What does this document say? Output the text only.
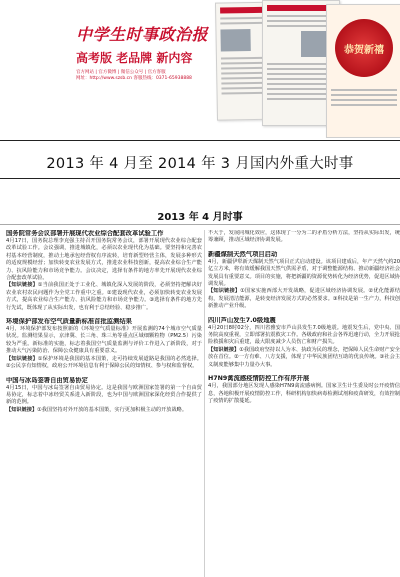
中学生时事政治报
高考版 老品牌 新内容
官方网站 | 官方微博 | 微信公众号 | 官方客服
网址：http://www.szsb.cn 客服热线：0371-65938888
恭贺新禧
2013 年 4 月至 2014 年 3 月国内外重大时事
2013 年 4 月时事
国务院常务会议部署开展现代农业综合配套改革试验工作
4月17日，国务院总理李克强主持召开国务院常务会议，部署开展现代农业综合配套改革试验工作。会议强调，推进城镇化，必须以农业现代化为基础。要坚持和完善农村基本经营制度，推动土地承包经营权有序流转，培育新型经营主体，发展多种形式的适度规模经营；加快转变农业发展方式，推进农业科技创新，提高农业综合生产能力、抗风险能力和市场竞争能力。会议决定，选择有条件的地方率先开展现代农业综合配套改革试验。
【知识链接】①当前我国正处于工业化、城镇化深入发展的阶段，必须坚持把解决好农业农村农民问题作为全党工作重中之重。②建设现代农业，必须加快转变农业发展方式，提高农业综合生产能力、抗风险能力和市场竞争能力。③选择有条件的地方先行先试，既体现了从实际出发，也有利于总结经验、稳步推广。
环境保护部发布空气质量新标准首批监测结果
4月，环境保护部发布按照新的《环境空气质量标准》开展监测的74个城市空气质量状况。监测结果显示，京津冀、长三角、珠三角等重点区域细颗粒物（PM2.5）污染较为严重。新标准的实施，标志着我国空气质量监测与评价工作进入了新阶段，对于推动大气污染防治、保障公众健康具有重要意义。
【知识链接】①保护环境是我国的基本国策，走可持续发展道路是我国的必然选择。②公民享有知情权，政府公开环境信息有利于保障公民的知情权、参与权和监督权。
中国与冰岛签署自由贸易协定
4月15日，中国与冰岛签署自由贸易协定。这是我国与欧洲国家签署的第一个自由贸易协定，标志着中冰经贸关系进入新阶段，也为中国与欧洲国家深化经贸合作提供了新的范例。
【知识链接】①我国坚持对外开放的基本国策，实行更加积极主动的开放战略。
不大于，发展同城化效应，这体现了一分为二的矛盾分析方法，坚持从实际出发，统筹兼顾，推动区域经济协调发展。
新疆煤制天然气项目启动
4月，新疆伊犁新天煤制天然气项目正式启动建设。该项目建成后，年产天然气约20亿立方米，将有效缓解我国天然气供需矛盾，对于调整能源结构、推动新疆经济社会发展具有重要意义。项目的实施，将把新疆的资源优势转化为经济优势，促进区域协调发展。
【知识链接】①国家实施西部大开发战略，促进区域经济协调发展。②优化能源结构，发展清洁能源，是转变经济发展方式的必然要求。③科技是第一生产力，科技创新推动产业升级。
四川芦山发生7.0级地震
4月20日8时02分，四川省雅安市芦山县发生7.0级地震。地震发生后，党中央、国务院高度重视，立即部署抗震救灾工作。各级政府和社会各界迅速行动，全力开展抢险救援和灾后重建，最大限度减少人员伤亡和财产损失。
【知识链接】①我国政府坚持以人为本、执政为民的理念，把保障人民生命财产安全放在首位。②一方有难、八方支援，体现了中华民族团结互助的优良传统。③社会主义制度能够集中力量办大事。
H7N9禽流感疫情防控工作有序开展
4月，我国部分地区发现人感染H7N9禽流感病例。国家卫生计生委及时公开疫情信息，各地积极开展疫情防控工作，科研机构加快病毒检测试剂和疫苗研发，有效控制了疫情的扩散蔓延。
